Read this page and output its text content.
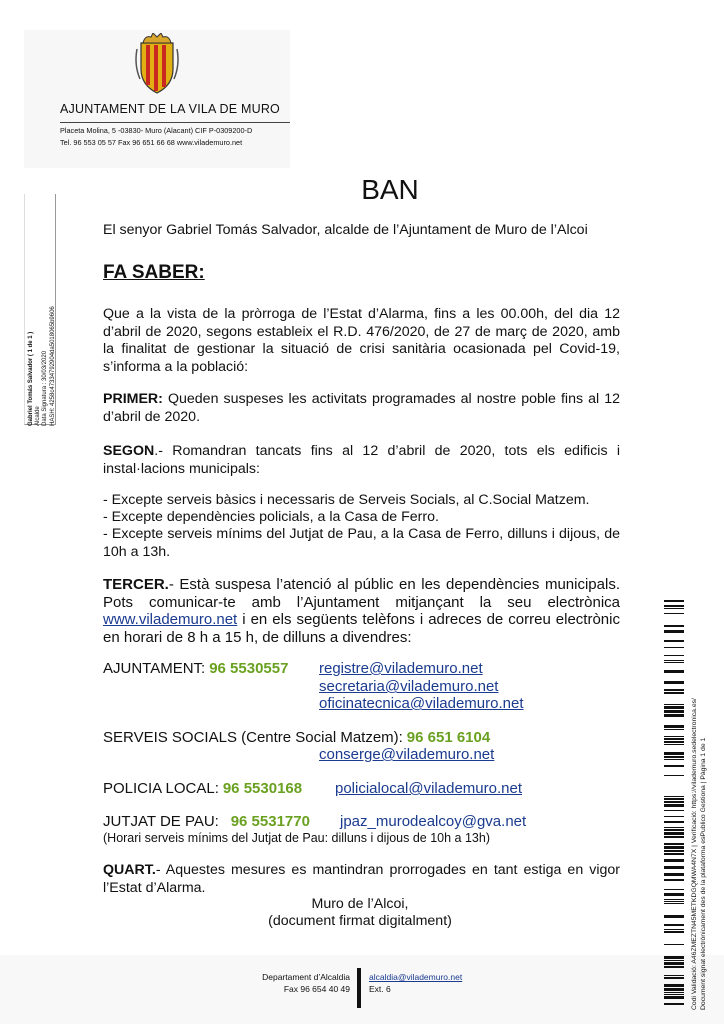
AJUNTAMENT DE LA VILA DE MURO
Placeta Molina, 5 -03830- Muro (Alacant) CIF P-0309200-D
Tel. 96 553 05 57 Fax 96 651 66 68 www.vilademuro.net
Gabriel Tomás Salvador ( 1 de 1 ) Alcalde Data Signatura : 30/03/2020 HASH: 4258c47334792904da5018065b9606
BAN
El senyor Gabriel Tomás Salvador, alcalde de l’Ajuntament de Muro de l’Alcoi
FA SABER:
Que a la vista de la pròrroga de l’Estat d’Alarma, fins a les 00.00h, del dia 12 d’abril de 2020, segons estableix el R.D. 476/2020, de 27 de març de 2020, amb la finalitat de gestionar la situació de crisi sanitària ocasionada pel Covid-19, s’informa a la població:
PRIMER: Queden suspeses les activitats programades al nostre poble fins al 12 d’abril de 2020.
SEGON.- Romandran tancats fins al 12 d’abril de 2020, tots els edificis i instal·lacions municipals:
- Excepte serveis bàsics i necessaris de Serveis Socials, al C.Social Matzem.
- Excepte dependències policials, a la Casa de Ferro.
- Excepte serveis mínims del Jutjat de Pau, a la Casa de Ferro, dilluns i dijous, de 10h a 13h.
TERCER.- Està suspesa l’atenció al públic en les dependències municipals. Pots comunicar-te amb l’Ajuntament mitjançant la seu electrònica www.vilademuro.net i en els següents telèfons i adreces de correu electrònic en horari de 8 h a 15 h, de dilluns a divendres:
AJUNTAMENT: 96 5530557 registre@vilademuro.net
secretaria@vilademuro.net
oficinatecnica@vilademuro.net
SERVEIS SOCIALS (Centre Social Matzem): 96 651 6104
conserge@vilademuro.net
POLICIA LOCAL: 96 5530168 policialocal@vilademuro.net
JUTJAT DE PAU: 96 5531770 jpaz_murodealcoy@gva.net
(Horari serveis mínims del Jutjat de Pau: dilluns i dijous de 10h a 13h)
QUART.- Aquestes mesures es mantindran prorrogades en tant estiga en vigor l’Estat d’Alarma.
Muro de l’Alcoi,
(document firmat digitalment)
Departament d’Alcaldia
Fax 96 654 40 49
alcaldia@vilademuro.net
Ext. 6	Codi Validació: A46ZMEZTN45METKDGQMWA4N7X | Verificació: https://vilademuro.sedelectronica.es/ Document signat electrònicament des de la plataforma esPublico Gestiona | Pàgina 1 de 1
